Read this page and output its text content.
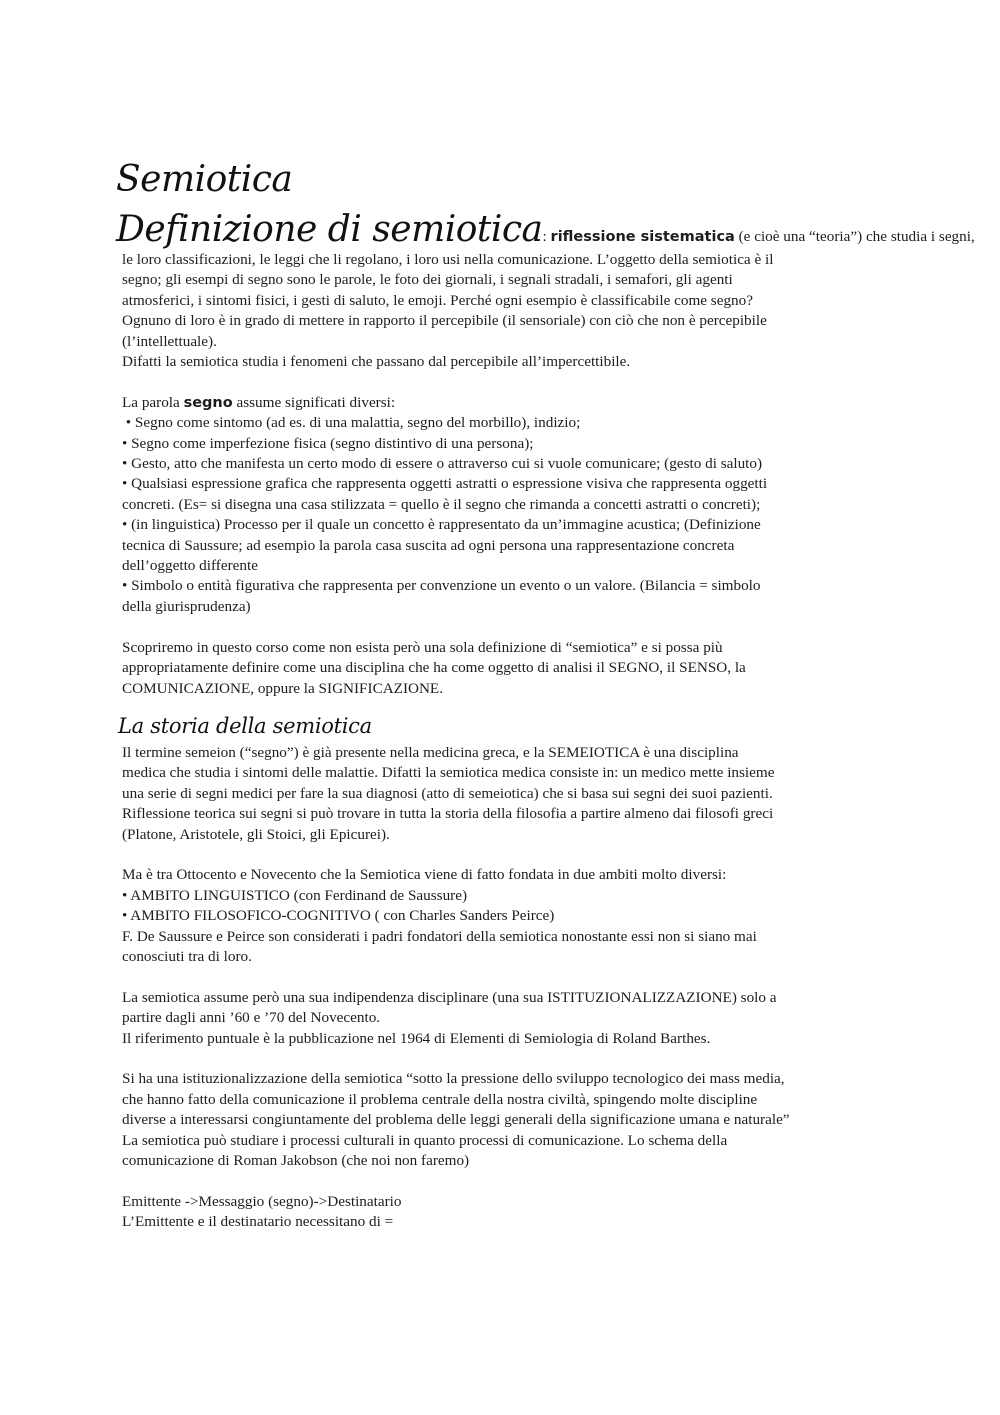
Semiotica
Definizione di semiotica: riflessione sistematica (e cioè una “teoria”) che studia i segni,

le loro classificazioni, le leggi che li regolano, i loro usi nella comunicazione. L’oggetto della semiotica è il

segno; gli esempi di segno sono le parole, le foto dei giornali, i segnali stradali, i semafori, gli agenti

atmosferici, i sintomi fisici, i gesti di saluto, le emoji. Perché ogni esempio è classificabile come segno?

Ognuno di loro è in grado di mettere in rapporto il percepibile (il sensoriale) con ciò che non è percepibile

(l’intellettuale).

Difatti la semiotica studia i fenomeni che passano dal percepibile all’impercettibile.

La parola segno assume significati diversi:

• Segno come sintomo (ad es. di una malattia, segno del morbillo), indizio;

• Segno come imperfezione fisica (segno distintivo di una persona);

• Gesto, atto che manifesta un certo modo di essere o attraverso cui si vuole comunicare; (gesto di saluto)

• Qualsiasi espressione grafica che rappresenta oggetti astratti o espressione visiva che rappresenta oggetti

concreti. (Es= si disegna una casa stilizzata = quello è il segno che rimanda a concetti astratti o concreti);

• (in linguistica) Processo per il quale un concetto è rappresentato da un’immagine acustica; (Definizione

tecnica di Saussure; ad esempio la parola casa suscita ad ogni persona una rappresentazione concreta

dell’oggetto differente

• Simbolo o entità figurativa che rappresenta per convenzione un evento o un valore. (Bilancia = simbolo

della giurisprudenza)

Scopriremo in questo corso come non esista però una sola definizione di “semiotica” e si possa più

appropriatamente definire come una disciplina che ha come oggetto di analisi il SEGNO, il SENSO, la

COMUNICAZIONE, oppure la SIGNIFICAZIONE.

La storia della semiotica

Il termine semeion (“segno”) è già presente nella medicina greca, e la SEMEIOTICA è una disciplina

medica che studia i sintomi delle malattie. Difatti la semiotica medica consiste in: un medico mette insieme

una serie di segni medici per fare la sua diagnosi (atto di semeiotica) che si basa sui segni dei suoi pazienti.

Riflessione teorica sui segni si può trovare in tutta la storia della filosofia a partire almeno dai filosofi greci

(Platone, Aristotele, gli Stoici, gli Epicurei).

Ma è tra Ottocento e Novecento che la Semiotica viene di fatto fondata in due ambiti molto diversi:

• AMBITO LINGUISTICO (con Ferdinand de Saussure)

• AMBITO FILOSOFICO-COGNITIVO ( con Charles Sanders Peirce)

F. De Saussure e Peirce son considerati i padri fondatori della semiotica nonostante essi non si siano mai

conosciuti tra di loro.

La semiotica assume però una sua indipendenza disciplinare (una sua ISTITUZIONALIZZAZIONE) solo a

partire dagli anni ’60 e ’70 del Novecento.

Il riferimento puntuale è la pubblicazione nel 1964 di Elementi di Semiologia di Roland Barthes.

Si ha una istituzionalizzazione della semiotica “sotto la pressione dello sviluppo tecnologico dei mass media,

che hanno fatto della comunicazione il problema centrale della nostra civiltà, spingendo molte discipline

diverse a interessarsi congiuntamente del problema delle leggi generali della significazione umana e naturale”

La semiotica può studiare i processi culturali in quanto processi di comunicazione. Lo schema della

comunicazione di Roman Jakobson (che noi non faremo)

Emittente ->Messaggio (segno)->Destinatario

L’Emittente e il destinatario necessitano di =
